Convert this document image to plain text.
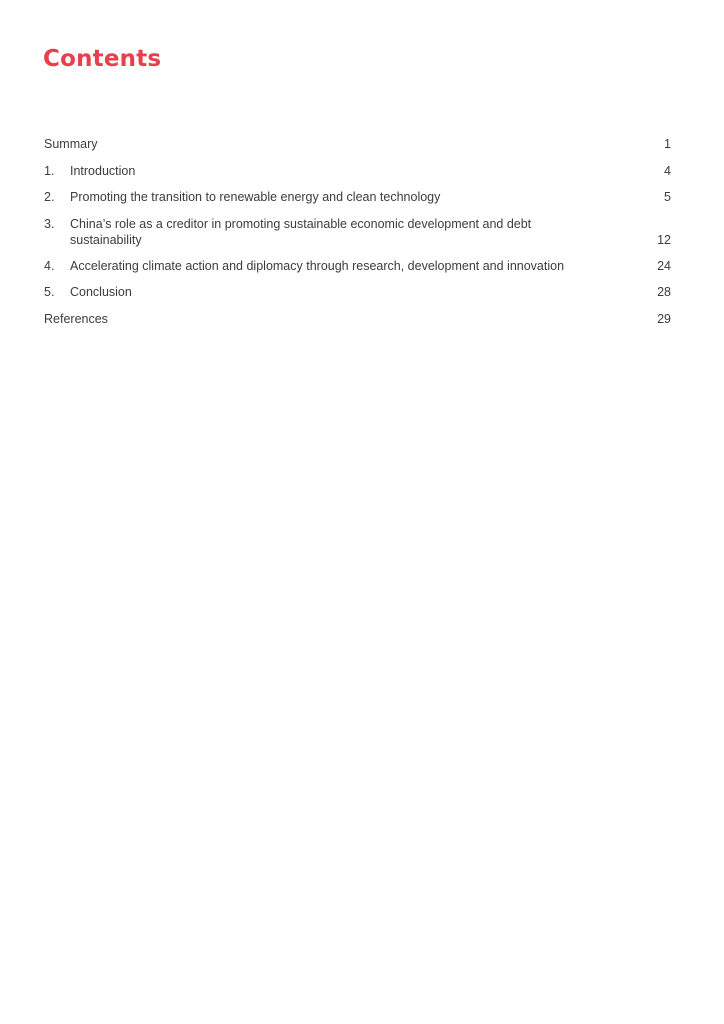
Contents
Summary	1
1.	Introduction	4
2.	Promoting the transition to renewable energy and clean technology	5
3.	China’s role as a creditor in promoting sustainable economic development and debt sustainability	12
4.	Accelerating climate action and diplomacy through research, development and innovation	24
5.	Conclusion	28
References	29
